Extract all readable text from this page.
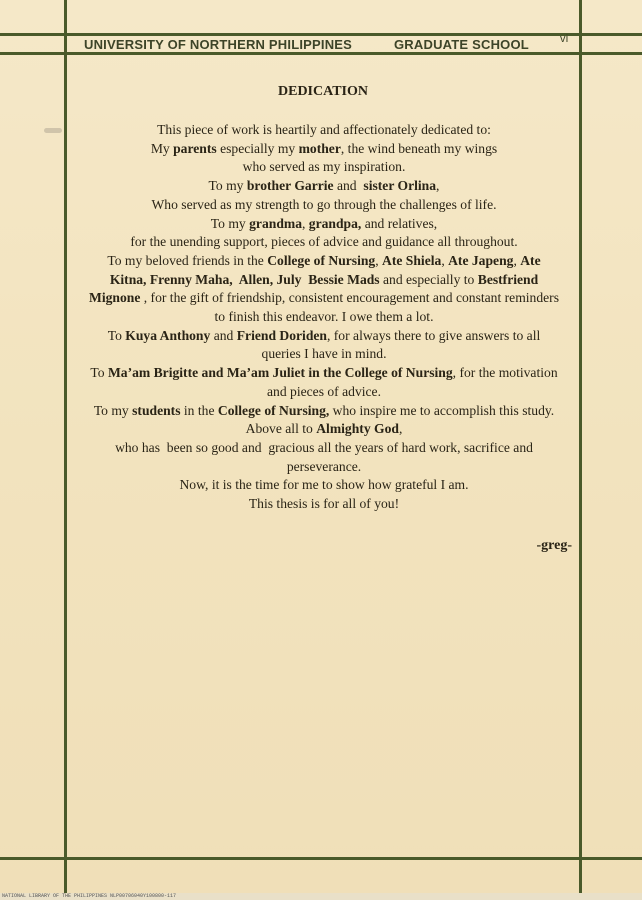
UNIVERSITY OF NORTHERN PHILIPPINES	GRADUATE SCHOOL	vi
DEDICATION
This piece of work is heartily and affectionately dedicated to:
My parents especially my mother, the wind beneath my wings
who served as my inspiration.
To my brother Garrie and  sister Orlina,
Who served as my strength to go through the challenges of life.
To my grandma, grandpa, and relatives,
for the unending support, pieces of advice and guidance all throughout.
To my beloved friends in the College of Nursing, Ate Shiela, Ate Japeng, Ate
Kitna, Frenny Maha,  Allen, July  Bessie Mads and especially to Bestfriend
Mignone , for the gift of friendship, consistent encouragement and constant reminders
to finish this endeavor. I owe them a lot.
To Kuya Anthony and Friend Doriden, for always there to give answers to all
queries I have in mind.
To Ma’am Brigitte and Ma’am Juliet in the College of Nursing, for the motivation
and pieces of advice.
To my students in the College of Nursing, who inspire me to accomplish this study.
Above all to Almighty God,
who has  been so good and  gracious all the years of hard work, sacrifice and
perseverance.
Now, it is the time for me to show how grateful I am.
This thesis is for all of you!
-greg-
NATIONAL LIBRARY OF THE PHILIPPINES NLP00706040Y100800-117
